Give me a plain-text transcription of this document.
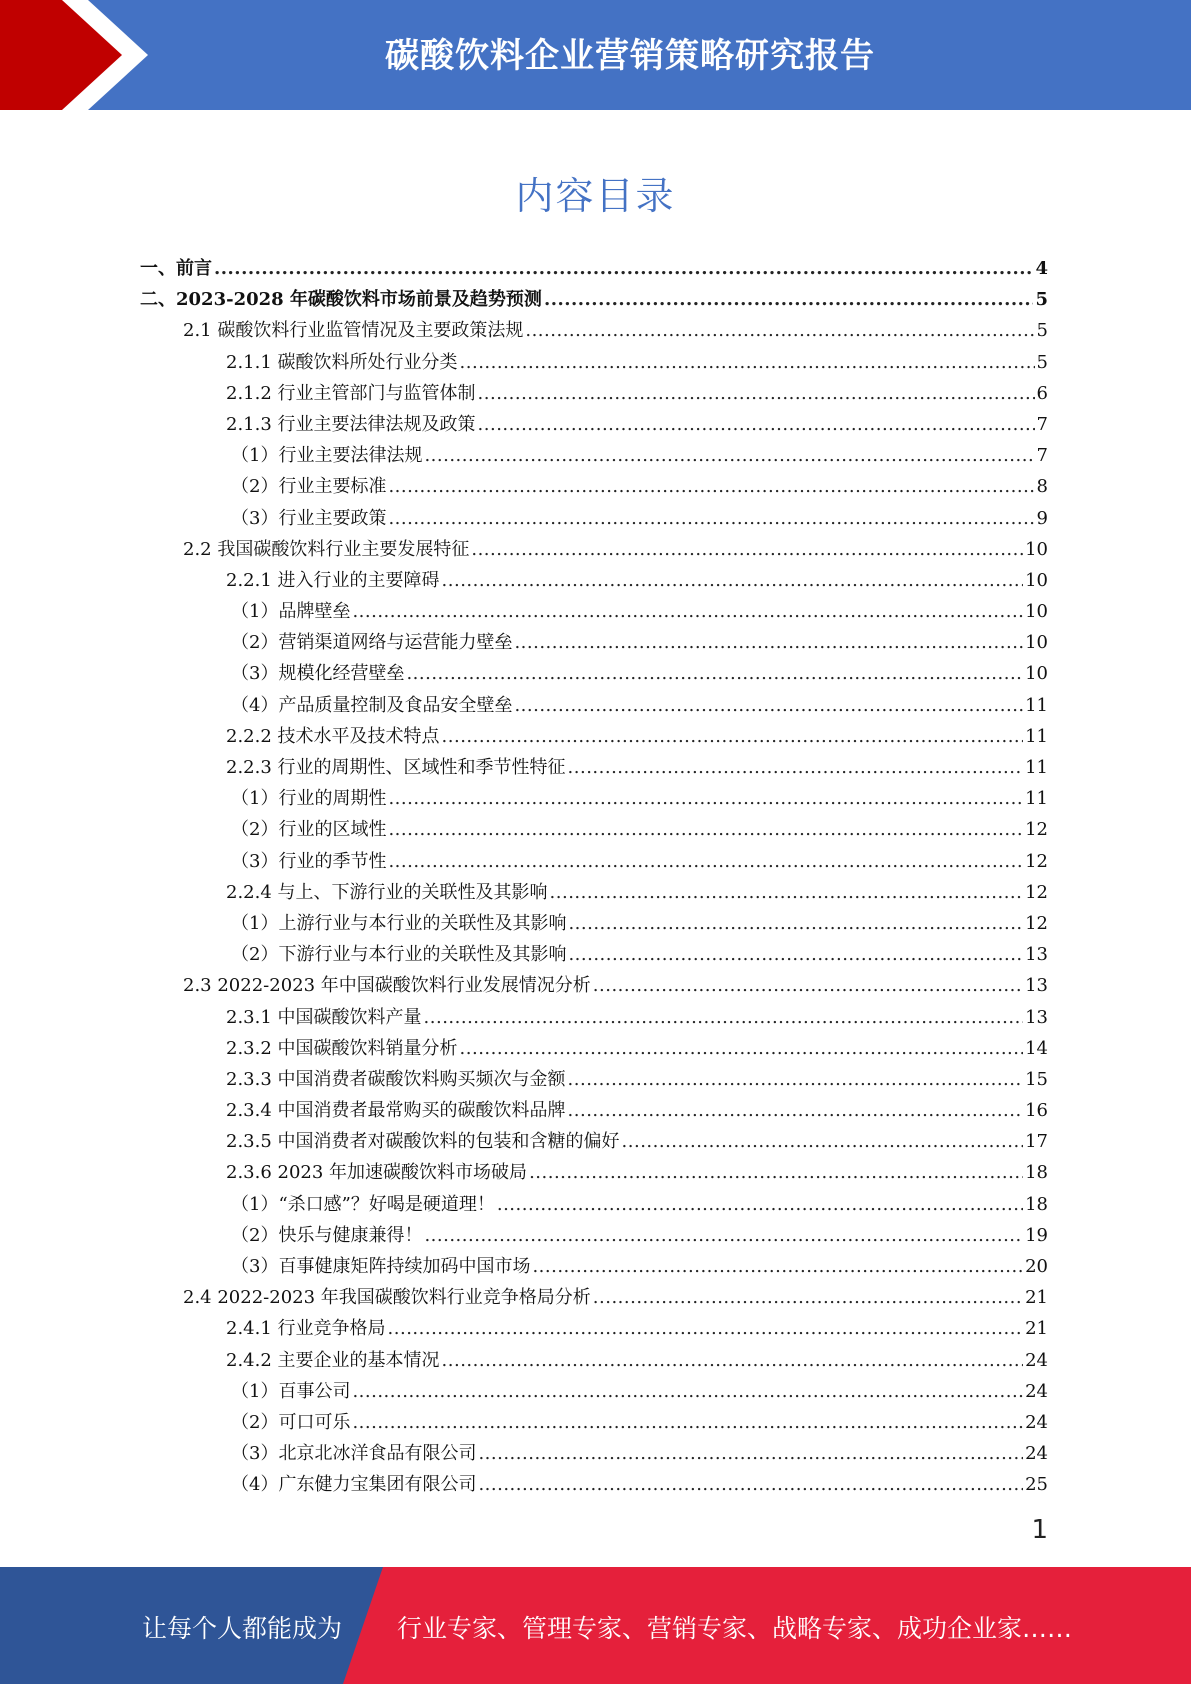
碳酸饮料企业营销策略研究报告
内容目录
一、前言 .....	4
二、2023-2028 年碳酸饮料市场前景及趋势预测 .....	5
2.1 碳酸饮料行业监管情况及主要政策法规 .....	5
2.1.1 碳酸饮料所处行业分类 .....	5
2.1.2 行业主管部门与监管体制 .....	6
2.1.3 行业主要法律法规及政策 .....	7
（1）行业主要法律法规 .....	7
（2）行业主要标准 .....	8
（3）行业主要政策 .....	9
2.2 我国碳酸饮料行业主要发展特征 .....	10
2.2.1 进入行业的主要障碍 .....	10
（1）品牌壁垒 .....	10
（2）营销渠道网络与运营能力壁垒 .....	10
（3）规模化经营壁垒 .....	10
（4）产品质量控制及食品安全壁垒 .....	11
2.2.2 技术水平及技术特点 .....	11
2.2.3 行业的周期性、区域性和季节性特征 .....	11
（1）行业的周期性 .....	11
（2）行业的区域性 .....	12
（3）行业的季节性 .....	12
2.2.4 与上、下游行业的关联性及其影响 .....	12
（1）上游行业与本行业的关联性及其影响 .....	12
（2）下游行业与本行业的关联性及其影响 .....	13
2.3 2022-2023 年中国碳酸饮料行业发展情况分析 .....	13
2.3.1 中国碳酸饮料产量 .....	13
2.3.2 中国碳酸饮料销量分析 .....	14
2.3.3 中国消费者碳酸饮料购买频次与金额 .....	15
2.3.4 中国消费者最常购买的碳酸饮料品牌 .....	16
2.3.5 中国消费者对碳酸饮料的包装和含糖的偏好 .....	17
2.3.6 2023 年加速碳酸饮料市场破局 .....	18
（1）“杀口感”？好喝是硬道理！ .....	18
（2）快乐与健康兼得！ .....	19
（3）百事健康矩阵持续加码中国市场 .....	20
2.4 2022-2023 年我国碳酸饮料行业竞争格局分析 .....	21
2.4.1 行业竞争格局 .....	21
2.4.2 主要企业的基本情况 .....	24
（1）百事公司 .....	24
（2）可口可乐 .....	24
（3）北京北冰洋食品有限公司 .....	24
（4）广东健力宝集团有限公司 .....	25
1
让每个人都能成为 行业专家、管理专家、营销专家、战略专家、成功企业家……
